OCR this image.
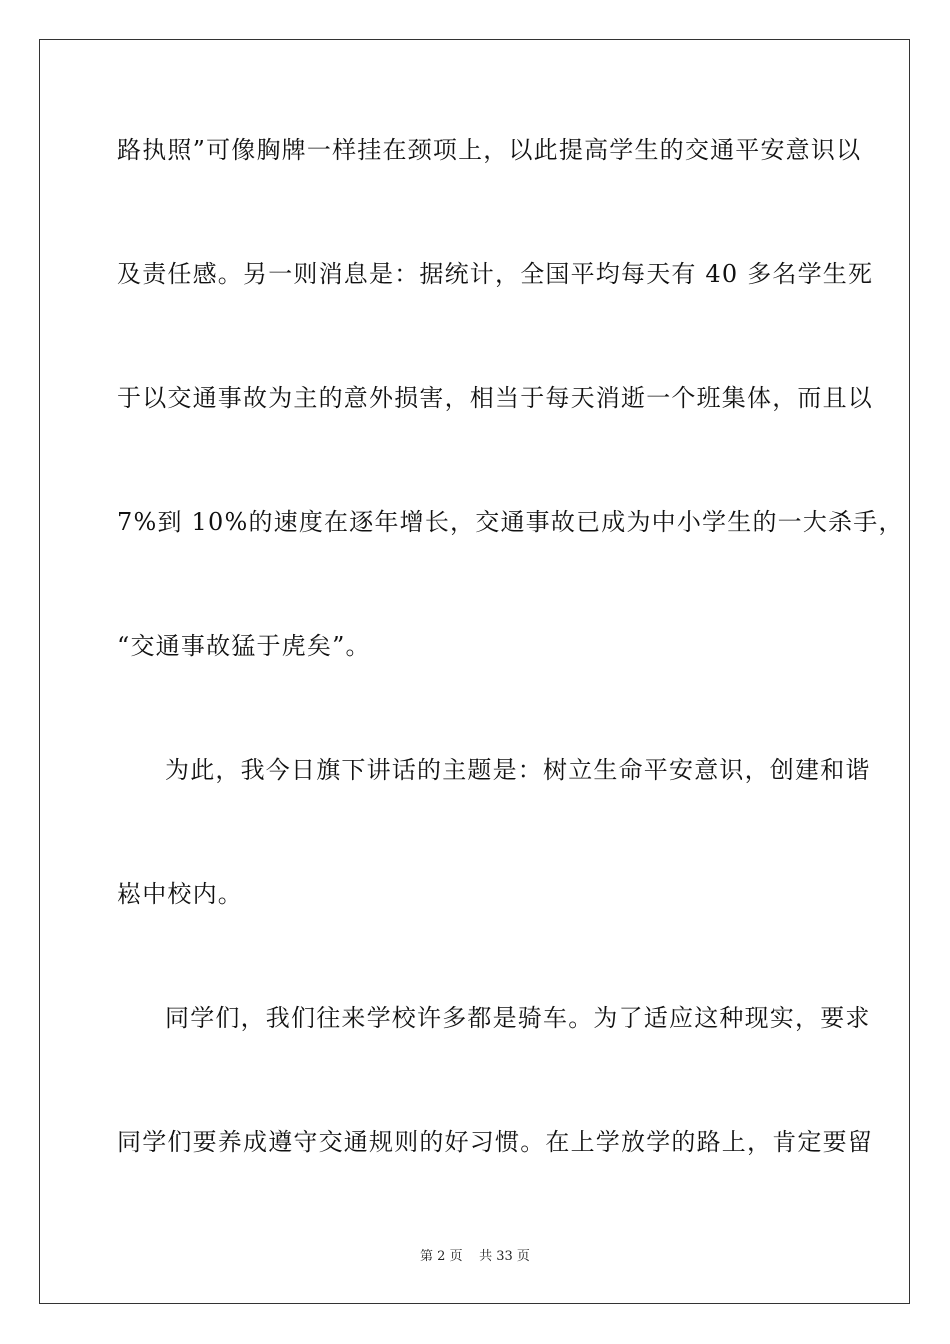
路执照”可像胸牌一样挂在颈项上，以此提高学生的交通平安意识以
及责任感。另一则消息是：据统计，全国平均每天有 40 多名学生死
于以交通事故为主的意外损害，相当于每天消逝一个班集体，而且以
7%到 10%的速度在逐年增长，交通事故已成为中小学生的一大杀手，
“交通事故猛于虎矣”。
为此，我今日旗下讲话的主题是：树立生命平安意识，创建和谐
崧中校内。
同学们，我们往来学校许多都是骑车。为了适应这种现实，要求
同学们要养成遵守交通规则的好习惯。在上学放学的路上，肯定要留
第 2 页 共 33 页
